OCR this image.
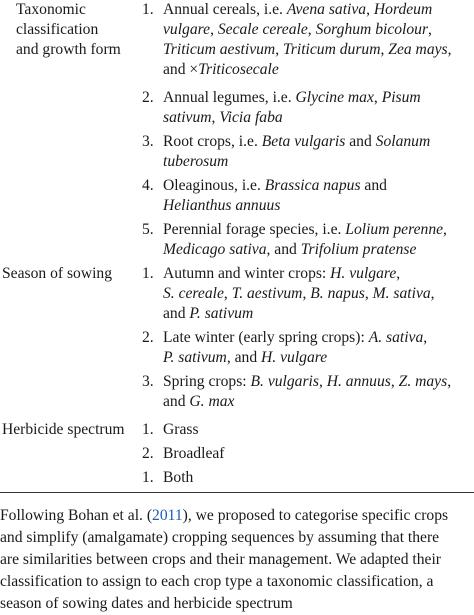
Taxonomic
classification
and growth form
1. Annual cereals, i.e. Avena sativa, Hordeum
vulgare, Secale cereale, Sorghum bicolour,
Triticum aestivum, Triticum durum, Zea mays,
and ×Triticosecale
2. Annual legumes, i.e. Glycine max, Pisum
sativum, Vicia faba
3. Root crops, i.e. Beta vulgaris and Solanum
tuberosum
4. Oleaginous, i.e. Brassica napus and
Helianthus annuus
5. Perennial forage species, i.e. Lolium perenne,
Medicago sativa, and Trifolium pratense
Season of sowing	1. Autumn and winter crops: H. vulgare,
S. cereale, T. aestivum, B. napus, M. sativa,
and P. sativum
2. Late winter (early spring crops): A. sativa,
P. sativum, and H. vulgare
3. Spring crops: B. vulgaris, H. annuus, Z. mays,
and G. max
Herbicide spectrum	1. Grass
2. Broadleaf
1. Both
Following Bohan et al. (2011), we proposed to categorise specific crops
and simplify (amalgamate) cropping sequences by assuming that there
are similarities between crops and their management. We adapted their
classification to assign to each crop type a taxonomic classification, a
season of sowing dates and herbicide spectrum
